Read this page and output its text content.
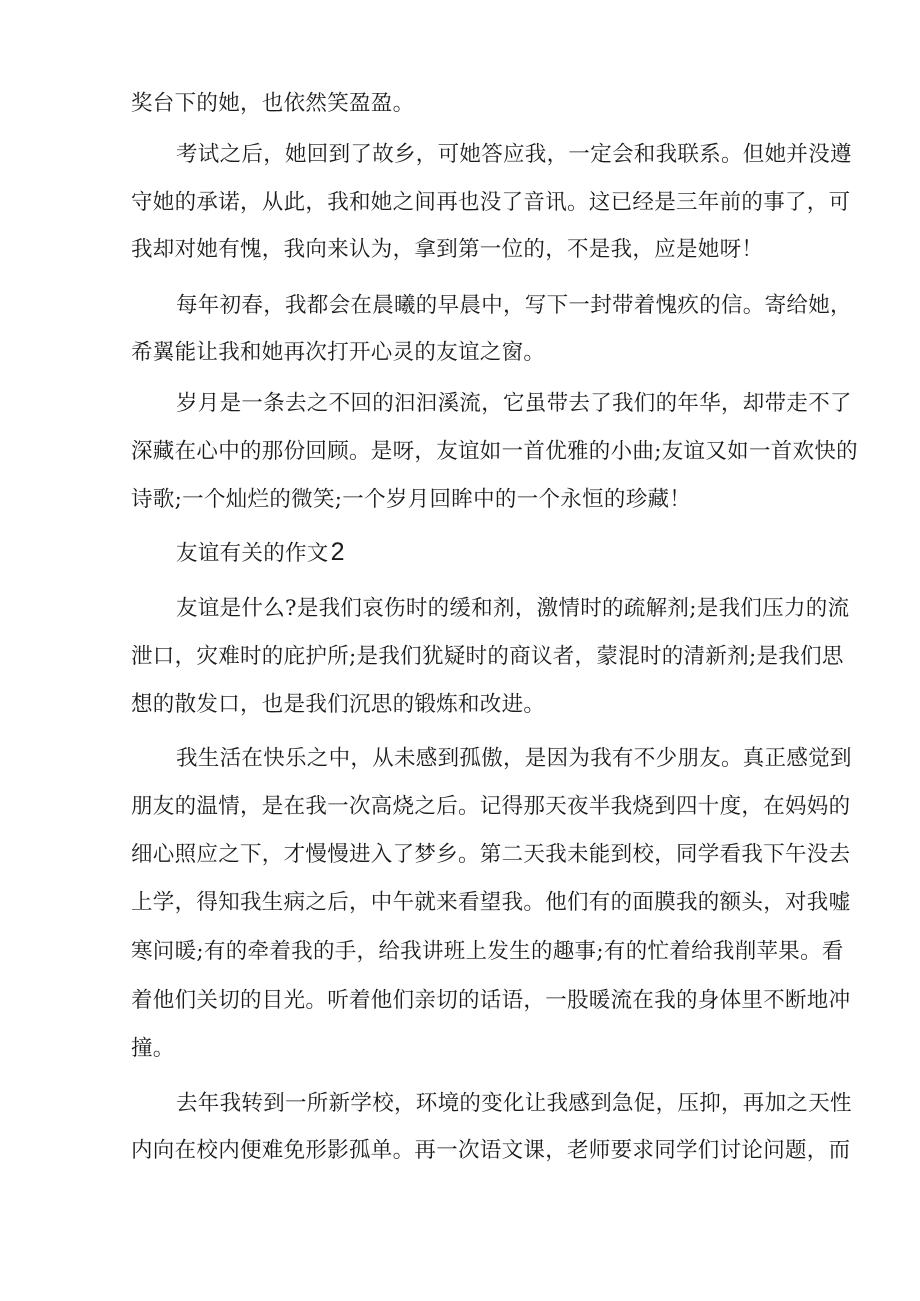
奖台下的她，也依然笑盈盈。
考试之后，她回到了故乡，可她答应我，一定会和我联系。但她并没遵
守她的承诺，从此，我和她之间再也没了音讯。这已经是三年前的事了，可
我却对她有愧，我向来认为，拿到第一位的，不是我，应是她呀！
每年初春，我都会在晨曦的早晨中，写下一封带着愧疚的信。寄给她，
希翼能让我和她再次打开心灵的友谊之窗。
岁月是一条去之不回的汩汩溪流，它虽带去了我们的年华，却带走不了
深藏在心中的那份回顾。是呀，友谊如一首优雅的小曲;友谊又如一首欢快的
诗歌;一个灿烂的微笑;一个岁月回眸中的一个永恒的珍藏！
友谊有关的作文2
友谊是什么?是我们哀伤时的缓和剂，激情时的疏解剂;是我们压力的流
泄口，灾难时的庇护所;是我们犹疑时的商议者，蒙混时的清新剂;是我们思
想的散发口，也是我们沉思的锻炼和改进。
我生活在快乐之中，从未感到孤傲，是因为我有不少朋友。真正感觉到
朋友的温情，是在我一次高烧之后。记得那天夜半我烧到四十度，在妈妈的
细心照应之下，才慢慢进入了梦乡。第二天我未能到校，同学看我下午没去
上学，得知我生病之后，中午就来看望我。他们有的面膜我的额头，对我嘘
寒问暖;有的牵着我的手，给我讲班上发生的趣事;有的忙着给我削苹果。看
着他们关切的目光。听着他们亲切的话语，一股暖流在我的身体里不断地冲
撞。
去年我转到一所新学校，环境的变化让我感到急促，压抑，再加之天性
内向在校内便难免形影孤单。再一次语文课，老师要求同学们讨论问题，而
